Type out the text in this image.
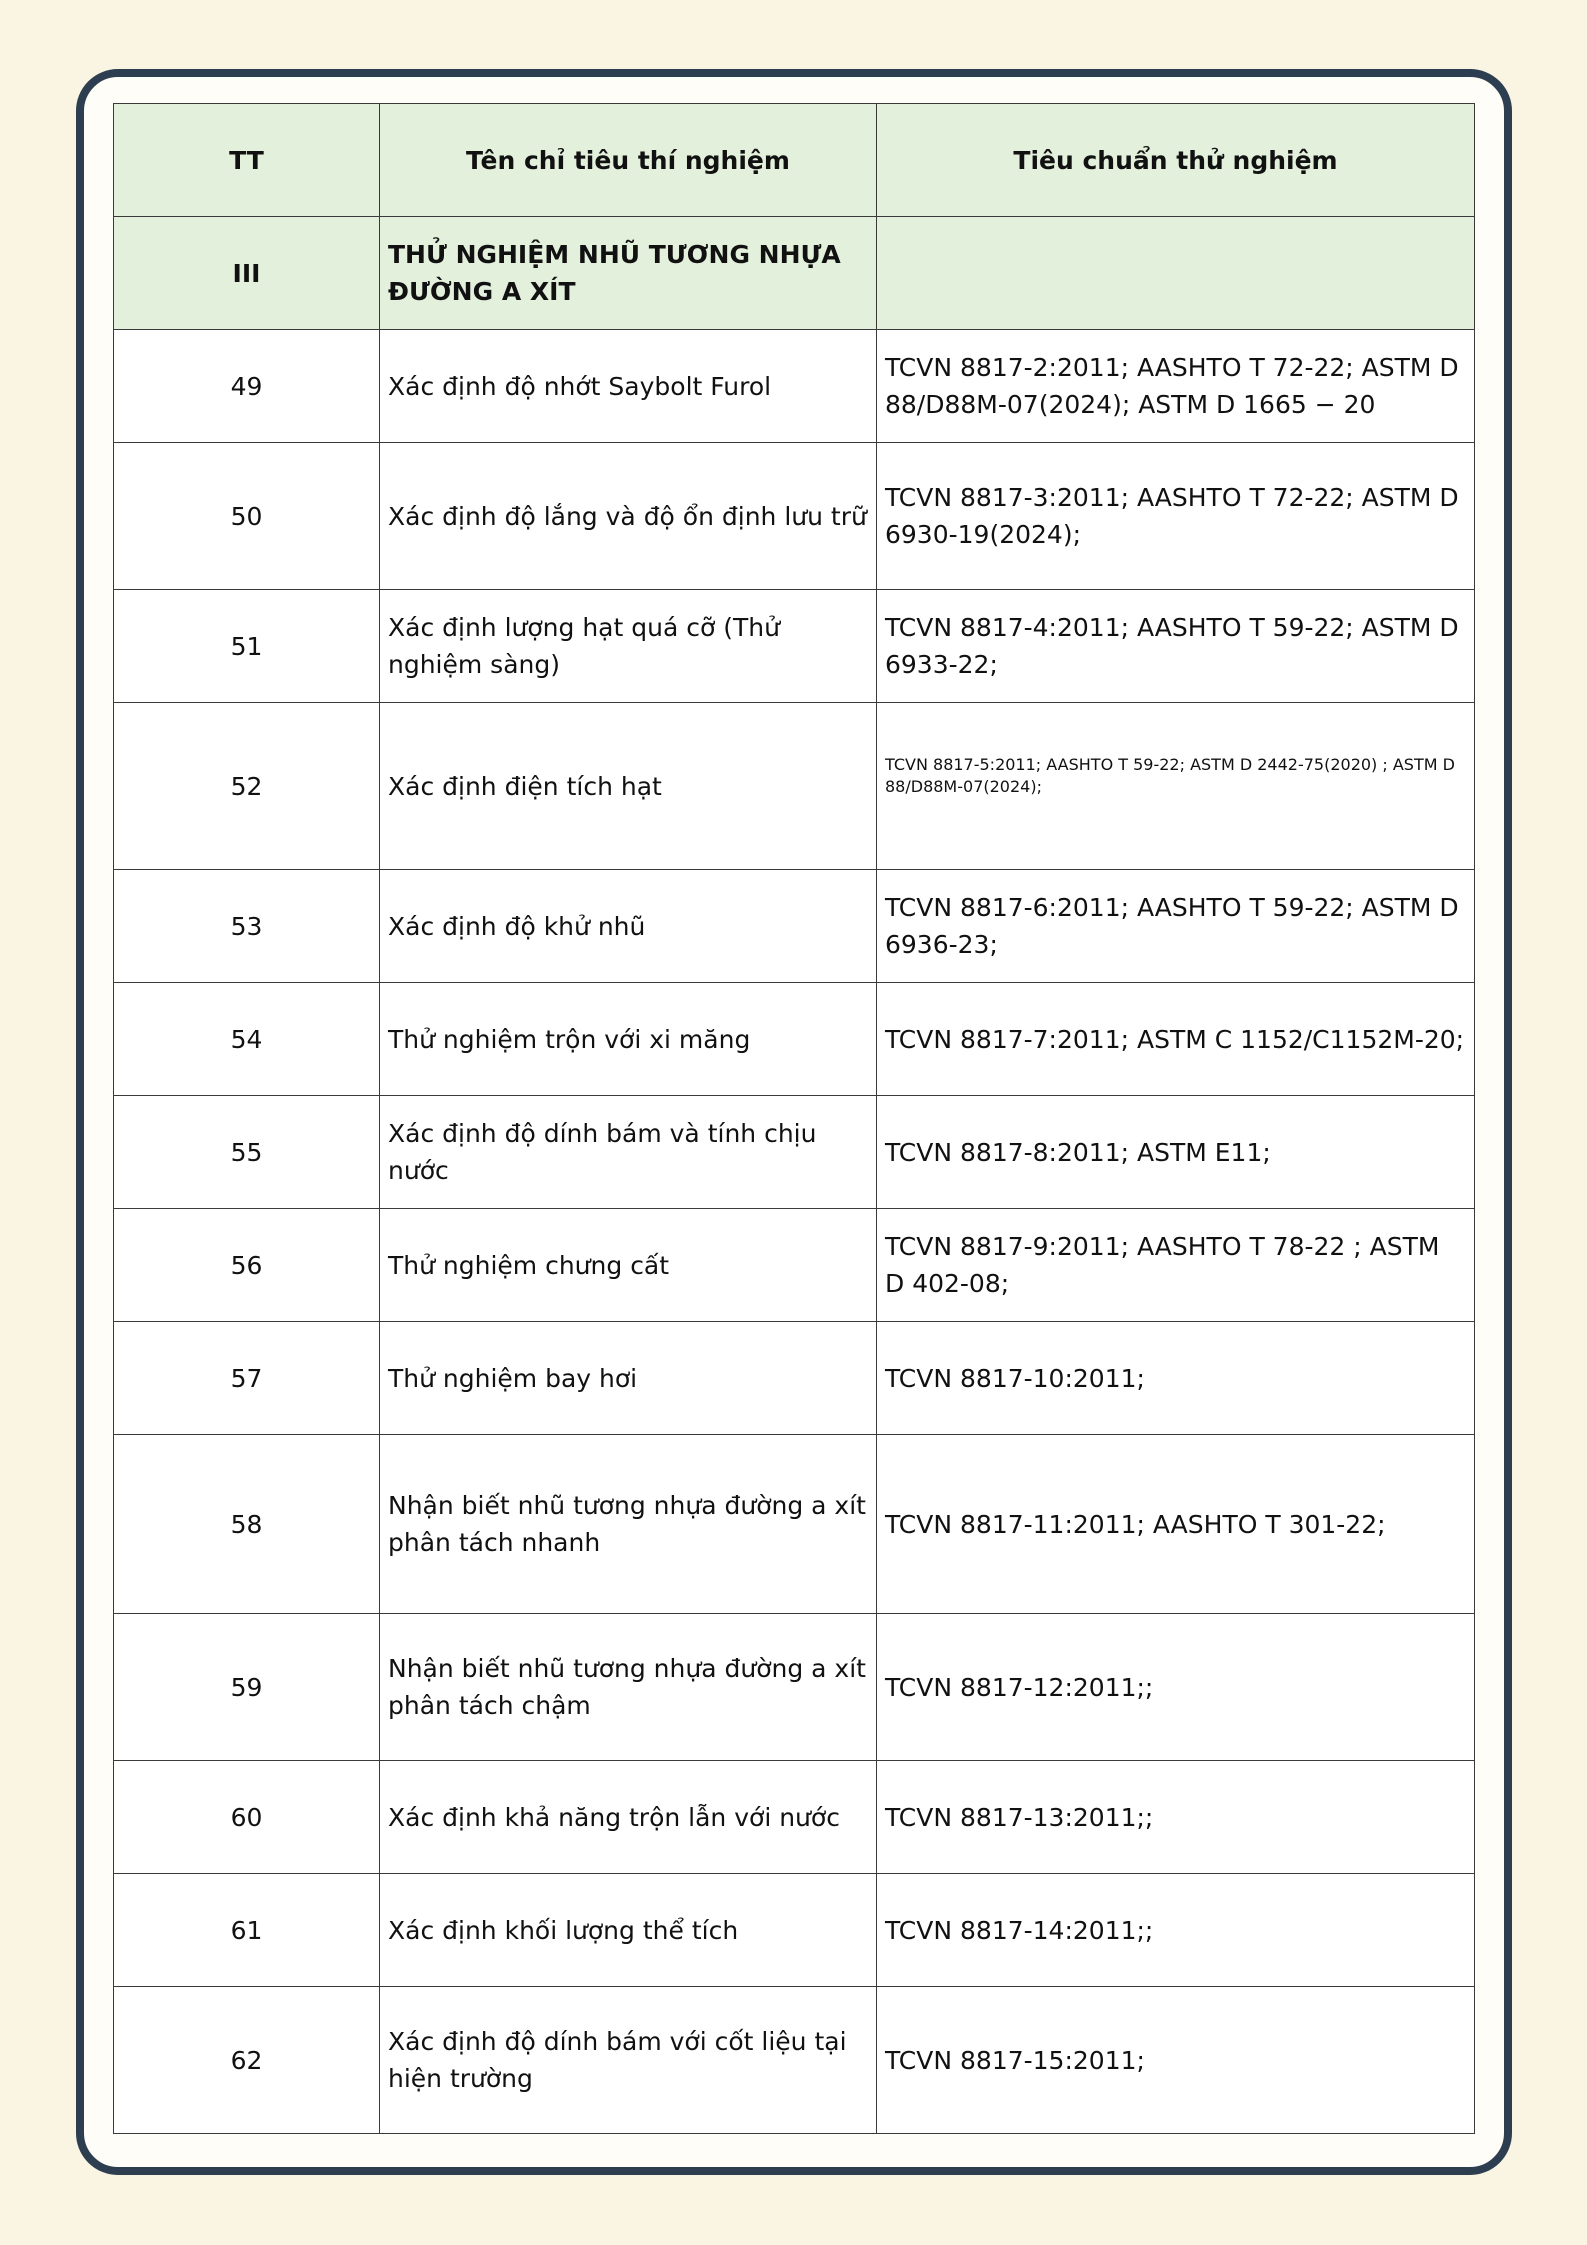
TT	Tên chỉ tiêu thí nghiệm	Tiêu chuẩn thử nghiệm
III	THỬ NGHIỆM NHŨ TƯƠNG NHỰA ĐƯỜNG A XÍT	
49	Xác định độ nhớt Saybolt Furol	TCVN 8817-2:2011; AASHTO T 72-22; ASTM D 88/D88M-07(2024); ASTM D 1665 − 20
50	Xác định độ lắng và độ ổn định lưu trữ	TCVN 8817-3:2011; AASHTO T 72-22; ASTM D 6930-19(2024);
51	Xác định lượng hạt quá cỡ (Thử nghiệm sàng)	TCVN 8817-4:2011; AASHTO T 59-22; ASTM D 6933-22;
52	Xác định điện tích hạt	TCVN 8817-5:2011; AASHTO T 59-22; ASTM D 2442-75(2020) ; ASTM D 88/D88M-07(2024);
53	Xác định độ khử nhũ	TCVN 8817-6:2011; AASHTO T 59-22; ASTM D 6936-23;
54	Thử nghiệm trộn với xi măng	TCVN 8817-7:2011; ASTM C 1152/C1152M-20;
55	Xác định độ dính bám và tính chịu nước	TCVN 8817-8:2011; ASTM E11;
56	Thử nghiệm chưng cất	TCVN 8817-9:2011; AASHTO T 78-22 ; ASTM D 402-08;
57	Thử nghiệm bay hơi	TCVN 8817-10:2011;
58	Nhận biết nhũ tương nhựa đường a xít phân tách nhanh	TCVN 8817-11:2011; AASHTO T 301-22;
59	Nhận biết nhũ tương nhựa đường a xít phân tách chậm	TCVN 8817-12:2011;;
60	Xác định khả năng trộn lẫn với nước	TCVN 8817-13:2011;;
61	Xác định khối lượng thể tích	TCVN 8817-14:2011;;
62	Xác định độ dính bám với cốt liệu tại hiện trường	TCVN 8817-15:2011;
